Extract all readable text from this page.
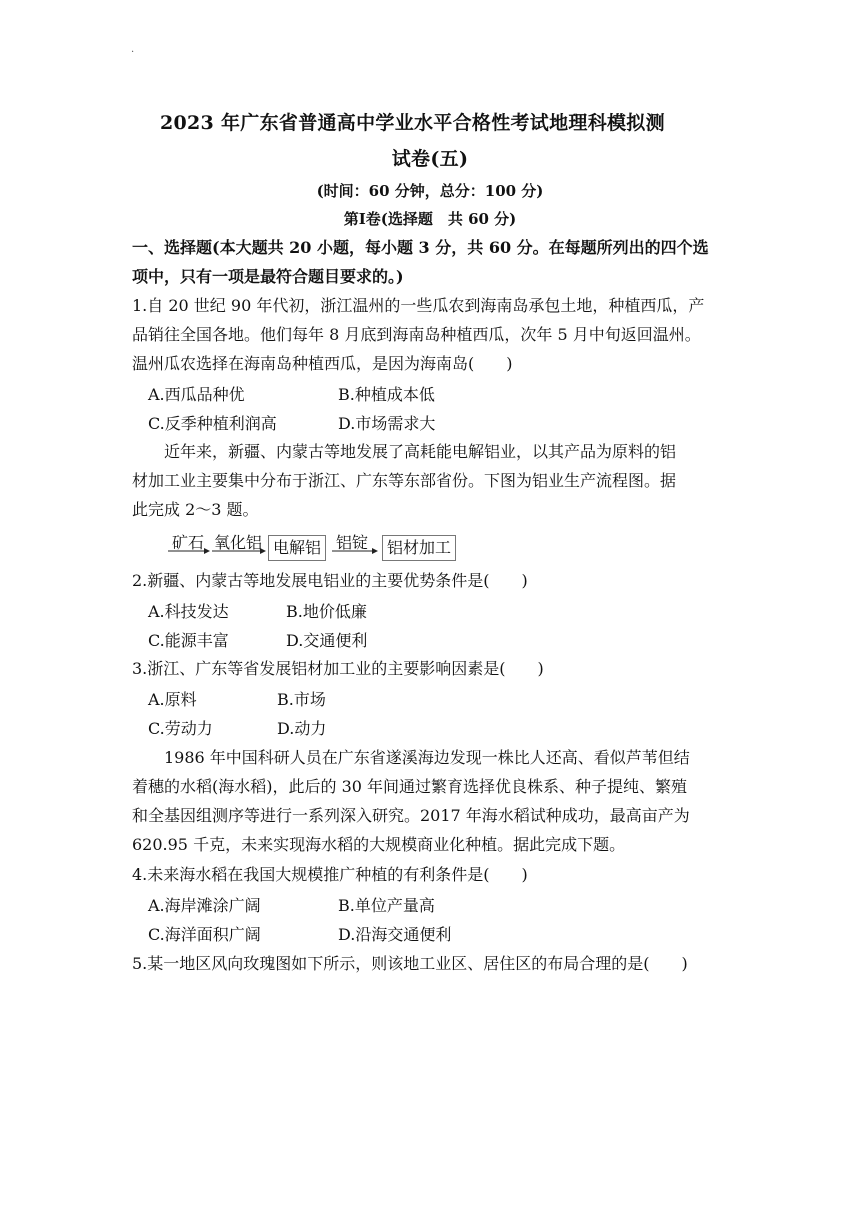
.
2023 年广东省普通高中学业水平合格性考试地理科模拟测
试卷(五)
(时间：60 分钟，总分：100 分)
第Ⅰ卷(选择题　共 60 分)
一、选择题(本大题共 20 小题，每小题 3 分，共 60 分。在每题所列出的四个选
项中，只有一项是最符合题目要求的。)
1.自 20 世纪 90 年代初，浙江温州的一些瓜农到海南岛承包土地，种植西瓜，产
品销往全国各地。他们每年 8 月底到海南岛种植西瓜，次年 5 月中旬返回温州。
温州瓜农选择在海南岛种植西瓜，是因为海南岛(　　)
A.西瓜品种优	B.种植成本低
C.反季种植利润高	D.市场需求大
近年来，新疆、内蒙古等地发展了高耗能电解铝业，以其产品为原料的铝
材加工业主要集中分布于浙江、广东等东部省份。下图为铝业生产流程图。据
此完成 2～3 题。
矿石 氧化铝 电解铝 铝锭	铝材加工
2.新疆、内蒙古等地发展电铝业的主要优势条件是(　　)
A.科技发达	B.地价低廉
C.能源丰富	D.交通便利
3.浙江、广东等省发展铝材加工业的主要影响因素是(　　)
A.原料	B.市场
C.劳动力	D.动力
1986 年中国科研人员在广东省遂溪海边发现一株比人还高、看似芦苇但结
着穗的水稻(海水稻)，此后的 30 年间通过繁育选择优良株系、种子提纯、繁殖
和全基因组测序等进行一系列深入研究。2017 年海水稻试种成功，最高亩产为
620.95 千克，未来实现海水稻的大规模商业化种植。据此完成下题。
4.未来海水稻在我国大规模推广种植的有利条件是(　　)
A.海岸滩涂广阔	B.单位产量高
C.海洋面积广阔	D.沿海交通便利
5.某一地区风向玫瑰图如下所示，则该地工业区、居住区的布局合理的是(　　)
